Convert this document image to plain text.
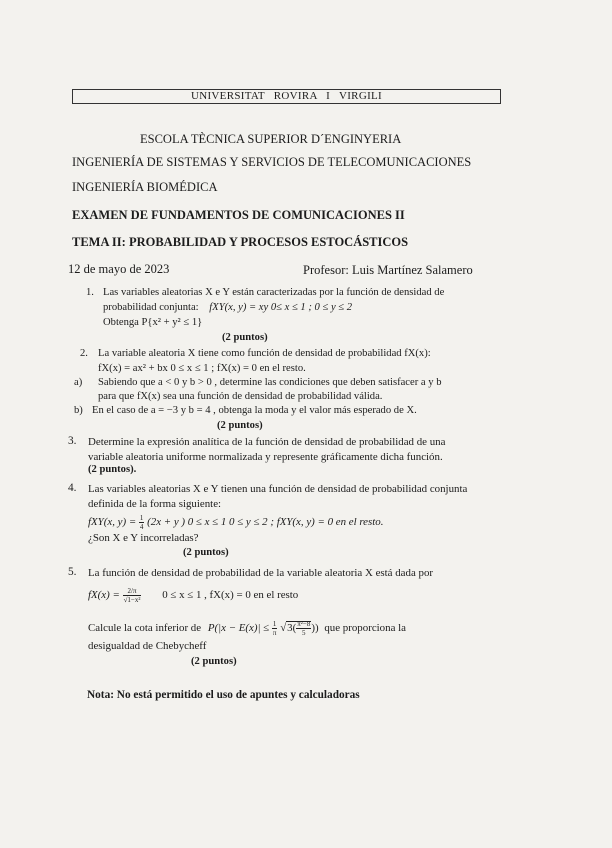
UNIVERSITAT ROVIRA I VIRGILI
ESCOLA TÈCNICA SUPERIOR D´ENGINYERIA
INGENIERÍA DE SISTEMAS Y SERVICIOS DE TELECOMUNICACIONES
INGENIERÍA BIOMÉDICA
EXAMEN DE FUNDAMENTOS DE COMUNICACIONES II
TEMA II: PROBABILIDAD Y PROCESOS ESTOCÁSTICOS
12 de mayo de 2023	Profesor: Luis Martínez Salamero
1. Las variables aleatorias X e Y están caracterizadas por la función de densidad de
probabilidad conjunta: fXY(x, y) = xy 0≤ x ≤ 1 ; 0 ≤ y ≤ 2
Obtenga P{x² + y² ≤ 1}
(2 puntos)
2. La variable aleatoria X tiene como función de densidad de probabilidad fX(x):
fX(x) = ax² + bx 0 ≤ x ≤ 1 ; fX(x) = 0 en el resto.
a) Sabiendo que a < 0 y b > 0 , determine las condiciones que deben satisfacer a y b
para que fX(x) sea una función de densidad de probabilidad válida.
b) En el caso de a = −3 y b = 4 , obtenga la moda y el valor más esperado de X.
(2 puntos)
3. Determine la expresión analítica de la función de densidad de probabilidad de una
variable aleatoria uniforme normalizada y represente gráficamente dicha función.
(2 puntos).
4. Las variables aleatorias X e Y tienen una función de densidad de probabilidad conjunta
definida de la forma siguiente:
fXY(x, $y) = \frac{1}{4} (2x + y$ ) 0 ≤ x ≤ 1 0 ≤ y ≤ 2 ; fXY(x, y) = 0 en el resto.
¿Son X e Y incorreladas?
(2 puntos)
5. La función de densidad de probabilidad de la variable aleatoria X está dada por
$fX(x) = \frac{2/\pi}{\text{√1−x²}} 0 \le x \le 1$ , fX(x) = 0 en el resto
Calcule la cota inferior de $P(|x - E(x)| \le \frac{1}{\pi} √3( \frac{\text{π²−8}}{5}$ )) que proporciona la
desigualdad de Chebycheff
(2 puntos)
Nota: No está permitido el uso de apuntes y calculadoras
